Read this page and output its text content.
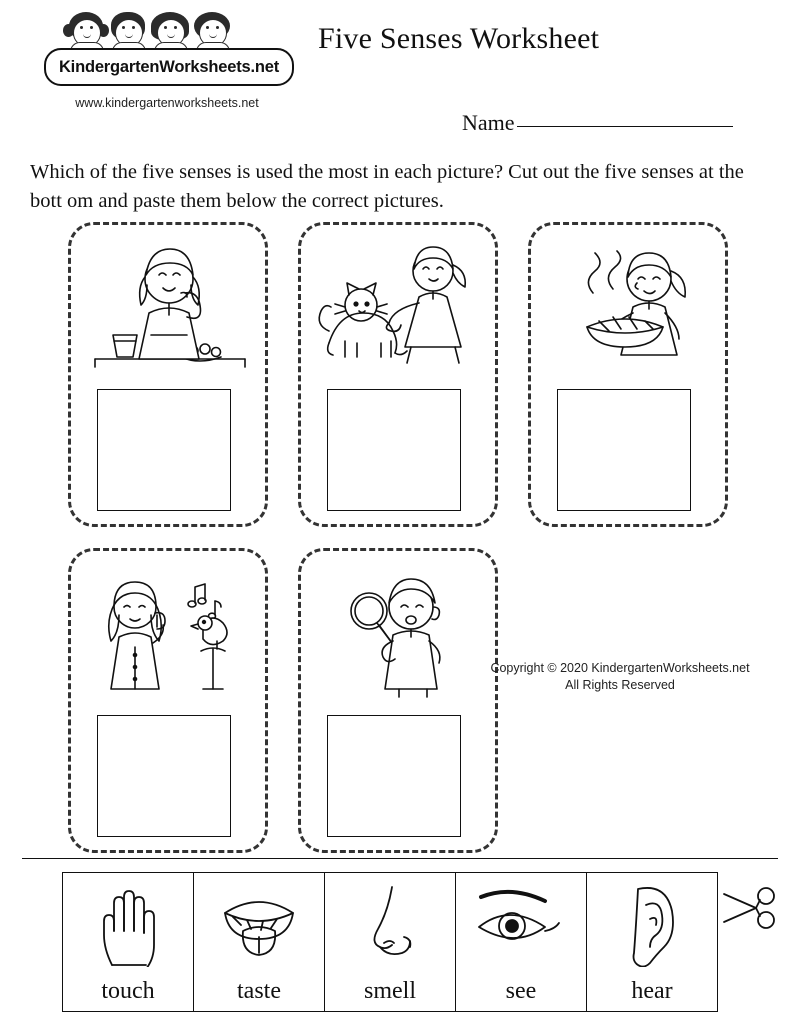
KindergartenWorksheets.net
www.kindergartenworksheets.net
Five Senses Worksheet
Name
Which of the five senses is used the most in each picture? Cut out the five senses at the bott om and paste them below the correct pictures.
Copyright © 2020 KindergartenWorksheets.net
All Rights Reserved
touch	taste	smell	see	hear
